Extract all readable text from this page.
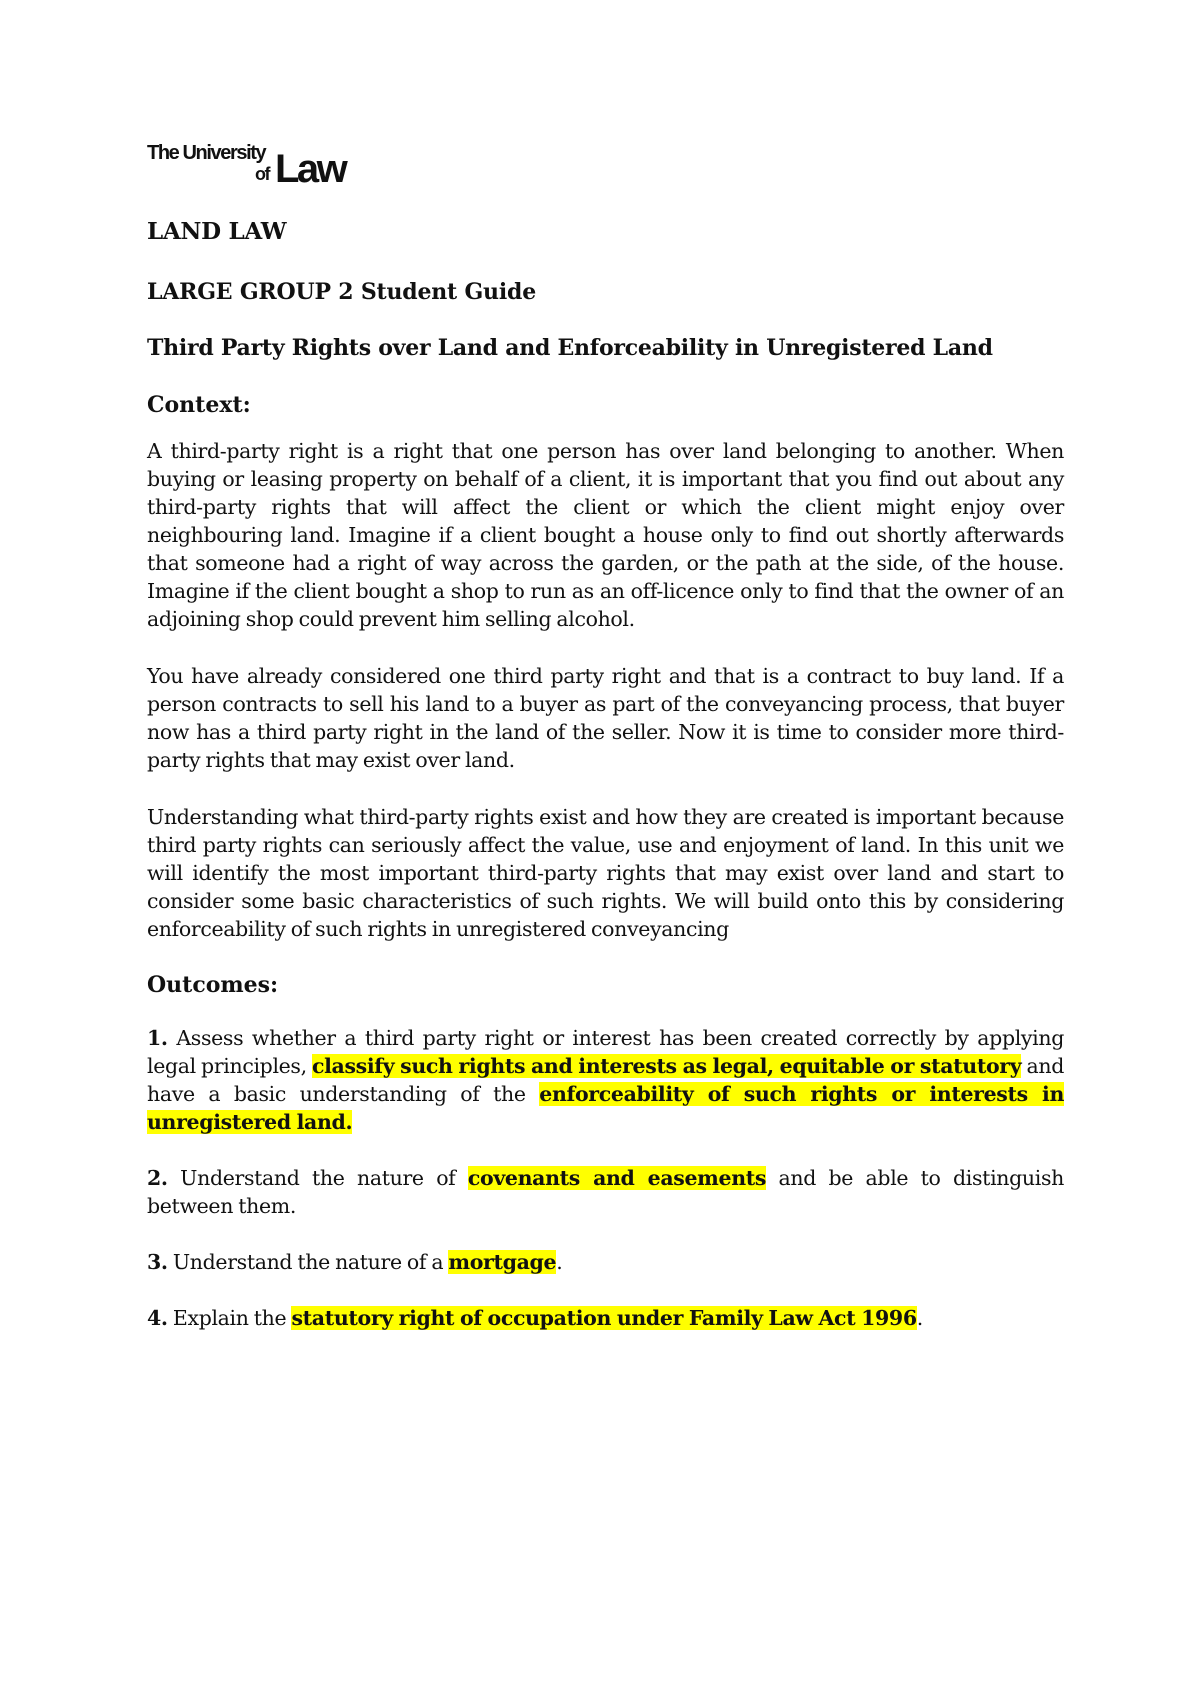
The University
of Law
LAND LAW
LARGE GROUP 2 Student Guide
Third Party Rights over Land and Enforceability in Unregistered Land
Context:

A third-party right is a right that one person has over land belonging to another. When buying or leasing property on behalf of a client, it is important that you find out about any third-party rights that will affect the client or which the client might enjoy over neighbouring land. Imagine if a client bought a house only to find out shortly afterwards that someone had a right of way across the garden, or the path at the side, of the house. Imagine if the client bought a shop to run as an off-licence only to find that the owner of an adjoining shop could prevent him selling alcohol.

You have already considered one third party right and that is a contract to buy land. If a person contracts to sell his land to a buyer as part of the conveyancing process, that buyer now has a third party right in the land of the seller. Now it is time to consider more third-party rights that may exist over land.

Understanding what third-party rights exist and how they are created is important because third party rights can seriously affect the value, use and enjoyment of land. In this unit we will identify the most important third-party rights that may exist over land and start to consider some basic characteristics of such rights. We will build onto this by considering enforceability of such rights in unregistered conveyancing

Outcomes:

1. Assess whether a third party right or interest has been created correctly by applying legal principles, classify such rights and interests as legal, equitable or statutory and have a basic understanding of the enforceability of such rights or interests in unregistered land.

2. Understand the nature of covenants and easements and be able to distinguish between them.

3. Understand the nature of a mortgage.

4. Explain the statutory right of occupation under Family Law Act 1996.
